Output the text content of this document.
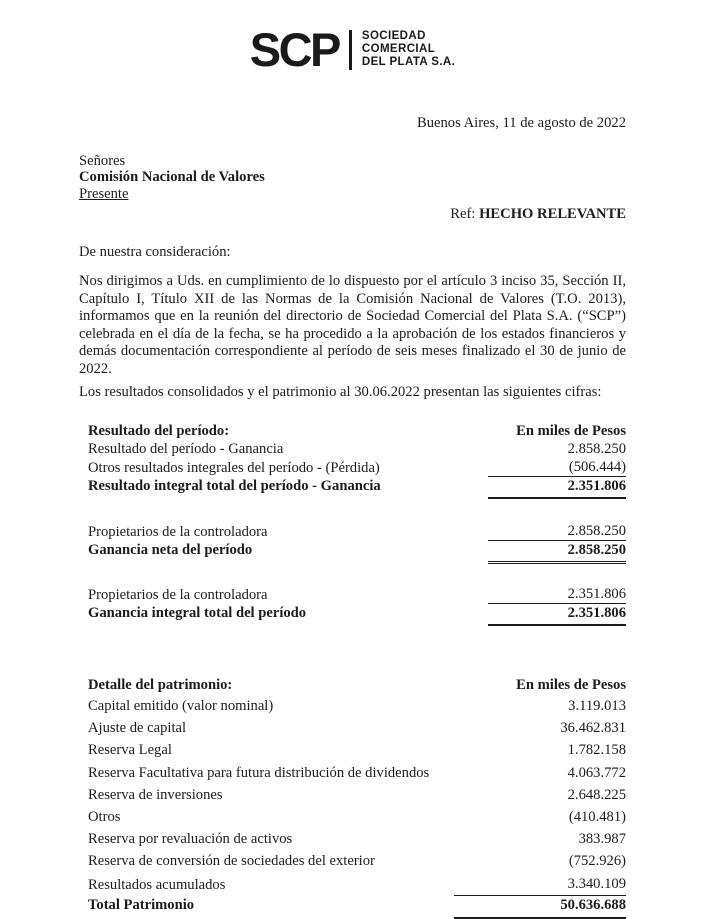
SCP SOCIEDAD
COMERCIAL
DEL PLATA S.A.
Buenos Aires, 11 de agosto de 2022
Señores
Comisión Nacional de Valores
Presente
Ref: HECHO RELEVANTE
De nuestra consideración:
Nos dirigimos a Uds. en cumplimiento de lo dispuesto por el artículo 3 inciso 35, Sección II, Capítulo I, Título XII de las Normas de la Comisión Nacional de Valores (T.O. 2013), informamos que en la reunión del directorio de Sociedad Comercial del Plata S.A. (“SCP”) celebrada en el día de la fecha, se ha procedido a la aprobación de los estados financieros y demás documentación correspondiente al período de seis meses finalizado el 30 de junio de 2022.
Los resultados consolidados y el patrimonio al 30.06.2022 presentan las siguientes cifras:
Resultado del período:	En miles de Pesos
Resultado del período - Ganancia	2.858.250
Otros resultados integrales del período - (Pérdida)	(506.444)
Resultado integral total del período - Ganancia	2.351.806
Propietarios de la controladora	2.858.250
Ganancia neta del período	2.858.250
Propietarios de la controladora	2.351.806
Ganancia integral total del período	2.351.806
Detalle del patrimonio:	En miles de Pesos
Capital emitido (valor nominal)	3.119.013
Ajuste de capital	36.462.831
Reserva Legal	1.782.158
Reserva Facultativa para futura distribución de dividendos	4.063.772
Reserva de inversiones	2.648.225
Otros	(410.481)
Reserva por revaluación de activos	383.987
Reserva de conversión de sociedades del exterior	(752.926)
Resultados acumulados	3.340.109
Total Patrimonio	50.636.688
